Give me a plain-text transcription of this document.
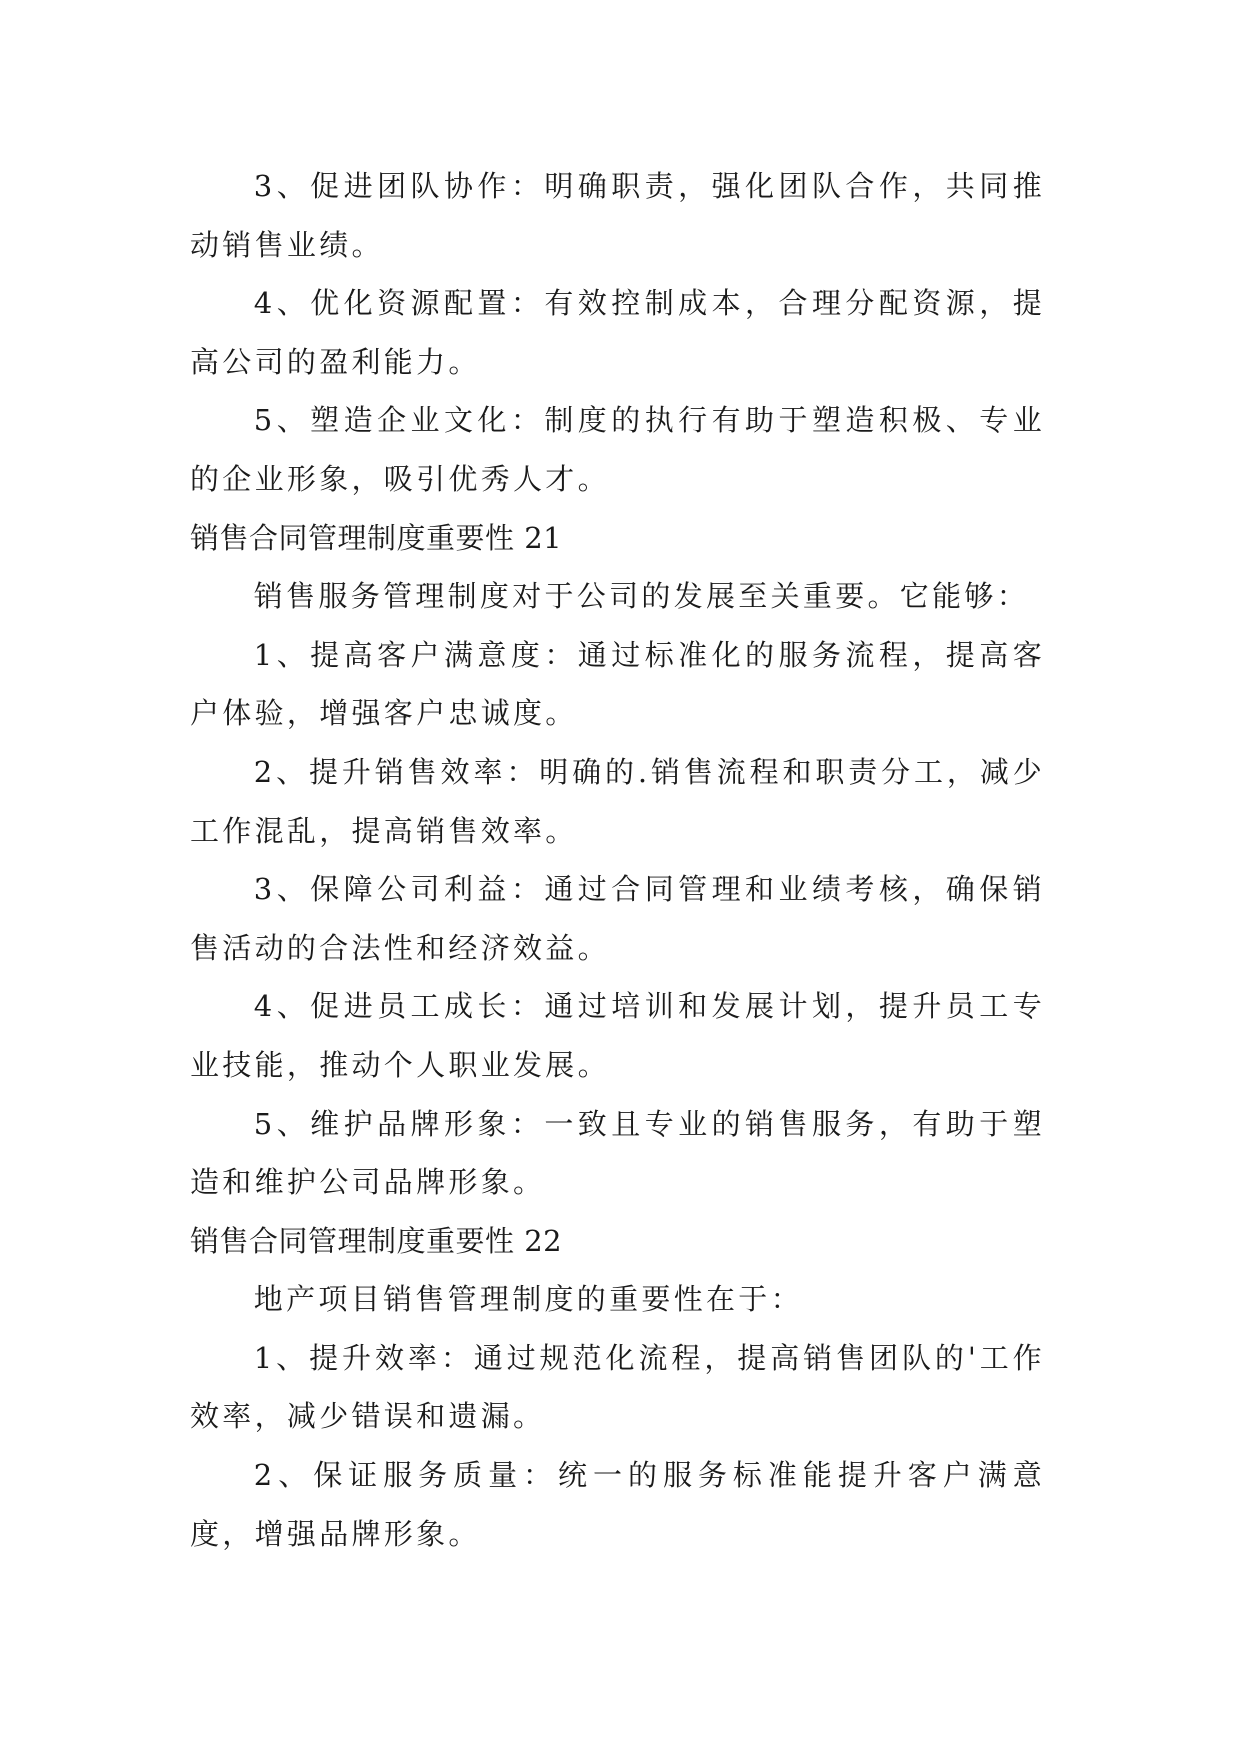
3、促进团队协作：明确职责，强化团队合作，共同推动销售业绩。

4、优化资源配置：有效控制成本，合理分配资源，提高公司的盈利能力。

5、塑造企业文化：制度的执行有助于塑造积极、专业的企业形象，吸引优秀人才。

销售合同管理制度重要性 21

销售服务管理制度对于公司的发展至关重要。它能够：

1、提高客户满意度：通过标准化的服务流程，提高客户体验，增强客户忠诚度。

2、提升销售效率：明确的.销售流程和职责分工，减少工作混乱，提高销售效率。

3、保障公司利益：通过合同管理和业绩考核，确保销售活动的合法性和经济效益。

4、促进员工成长：通过培训和发展计划，提升员工专业技能，推动个人职业发展。

5、维护品牌形象：一致且专业的销售服务，有助于塑造和维护公司品牌形象。

销售合同管理制度重要性 22

地产项目销售管理制度的重要性在于：

1、提升效率：通过规范化流程，提高销售团队的'工作效率，减少错误和遗漏。

2、保证服务质量：统一的服务标准能提升客户满意度，增强品牌形象。
